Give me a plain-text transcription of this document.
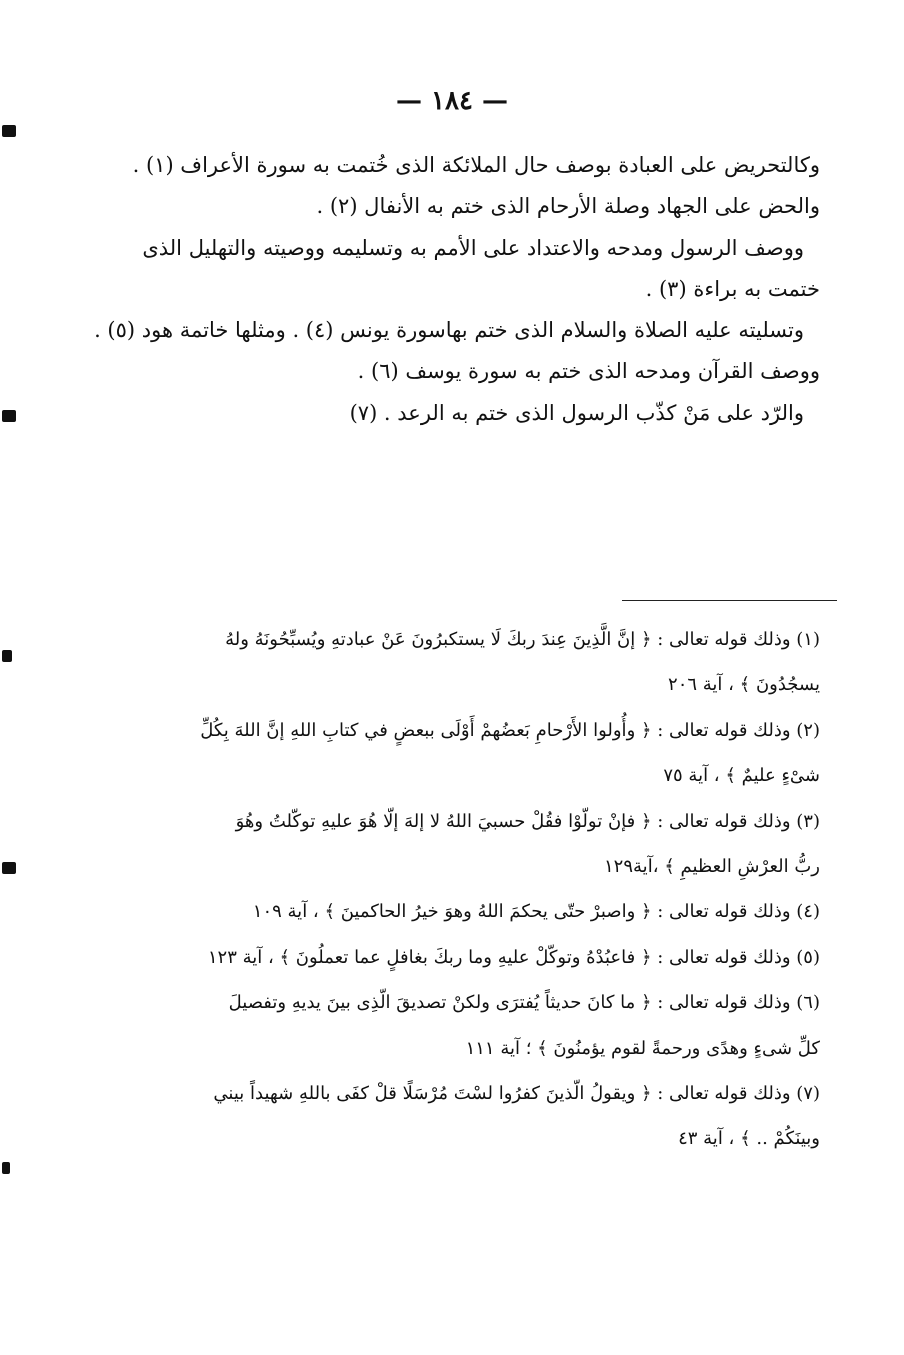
— ١٨٤ —
وكالتحريض على العبادة بوصف حال الملائكة الذى خُتمت به سورة الأعراف (١) .
والحض على الجهاد وصلة الأرحام الذى ختم به الأنفال (٢) .
ووصف الرسول ومدحه والاعتداد على الأمم به وتسليمه ووصيته والتهليل الذى
ختمت به براءة (٣) .
وتسليته عليه الصلاة والسلام الذى ختم بهاسورة يونس (٤) . ومثلها خاتمة هود (٥) .
ووصف القرآن ومدحه الذى ختم به سورة يوسف (٦) .
والرّد على مَنْ كذّب الرسول الذى ختم به الرعد . (٧)
(١) وذلك قوله تعالى : ﴿ إنَّ الَّذِينَ عِندَ ربكَ لَا يستكبرُونَ عَنْ عبادتهِ ويُسبِّحُونَهُ ولهُ
يسجُدُونَ ﴾ ، آية ٢٠٦
(٢) وذلك قوله تعالى : ﴿ وأُولوا الأَرْحامِ بَعضُهمْ أَوْلَى ببعضٍ في كتابِ اللهِ إنَّ اللهَ بِكُلِّ
شىْءٍ عليمٌ ﴾ ، آية ٧٥
(٣) وذلك قوله تعالى : ﴿ فإنْ تولّوْا فقُلْ حسبيَ اللهُ لا إلهَ إلّا هُوَ عليهِ توكّلتُ وهُوَ
ربُّ العرْشِ العظيمِ ﴾ ،آية١٢٩
(٤) وذلك قوله تعالى : ﴿ واصبرْ حتّى يحكمَ اللهُ وهوَ خيرُ الحاكمينَ ﴾ ، آية ١٠٩
(٥) وذلك قوله تعالى : ﴿ فاعبُدْهُ وتوكّلْ عليهِ وما ربكَ بغافلٍ عما تعملُونَ ﴾ ، آية ١٢٣
(٦) وذلك قوله تعالى : ﴿ ما كانَ حديثاً يُفترَى ولكنْ تصديقَ الّذِى بينَ يديهِ وتفصيلَ
كلِّ شىءٍ وهدًى ورحمةً لقوم يؤمنُونَ ﴾ ؛ آية ١١١
(٧) وذلك قوله تعالى : ﴿ ويقولُ الّذينَ كفرُوا لسْتَ مُرْسَلًا قلْ كفَى باللهِ شهيداً بيني
وبينَكُمْ .. ﴾ ، آية ٤٣
